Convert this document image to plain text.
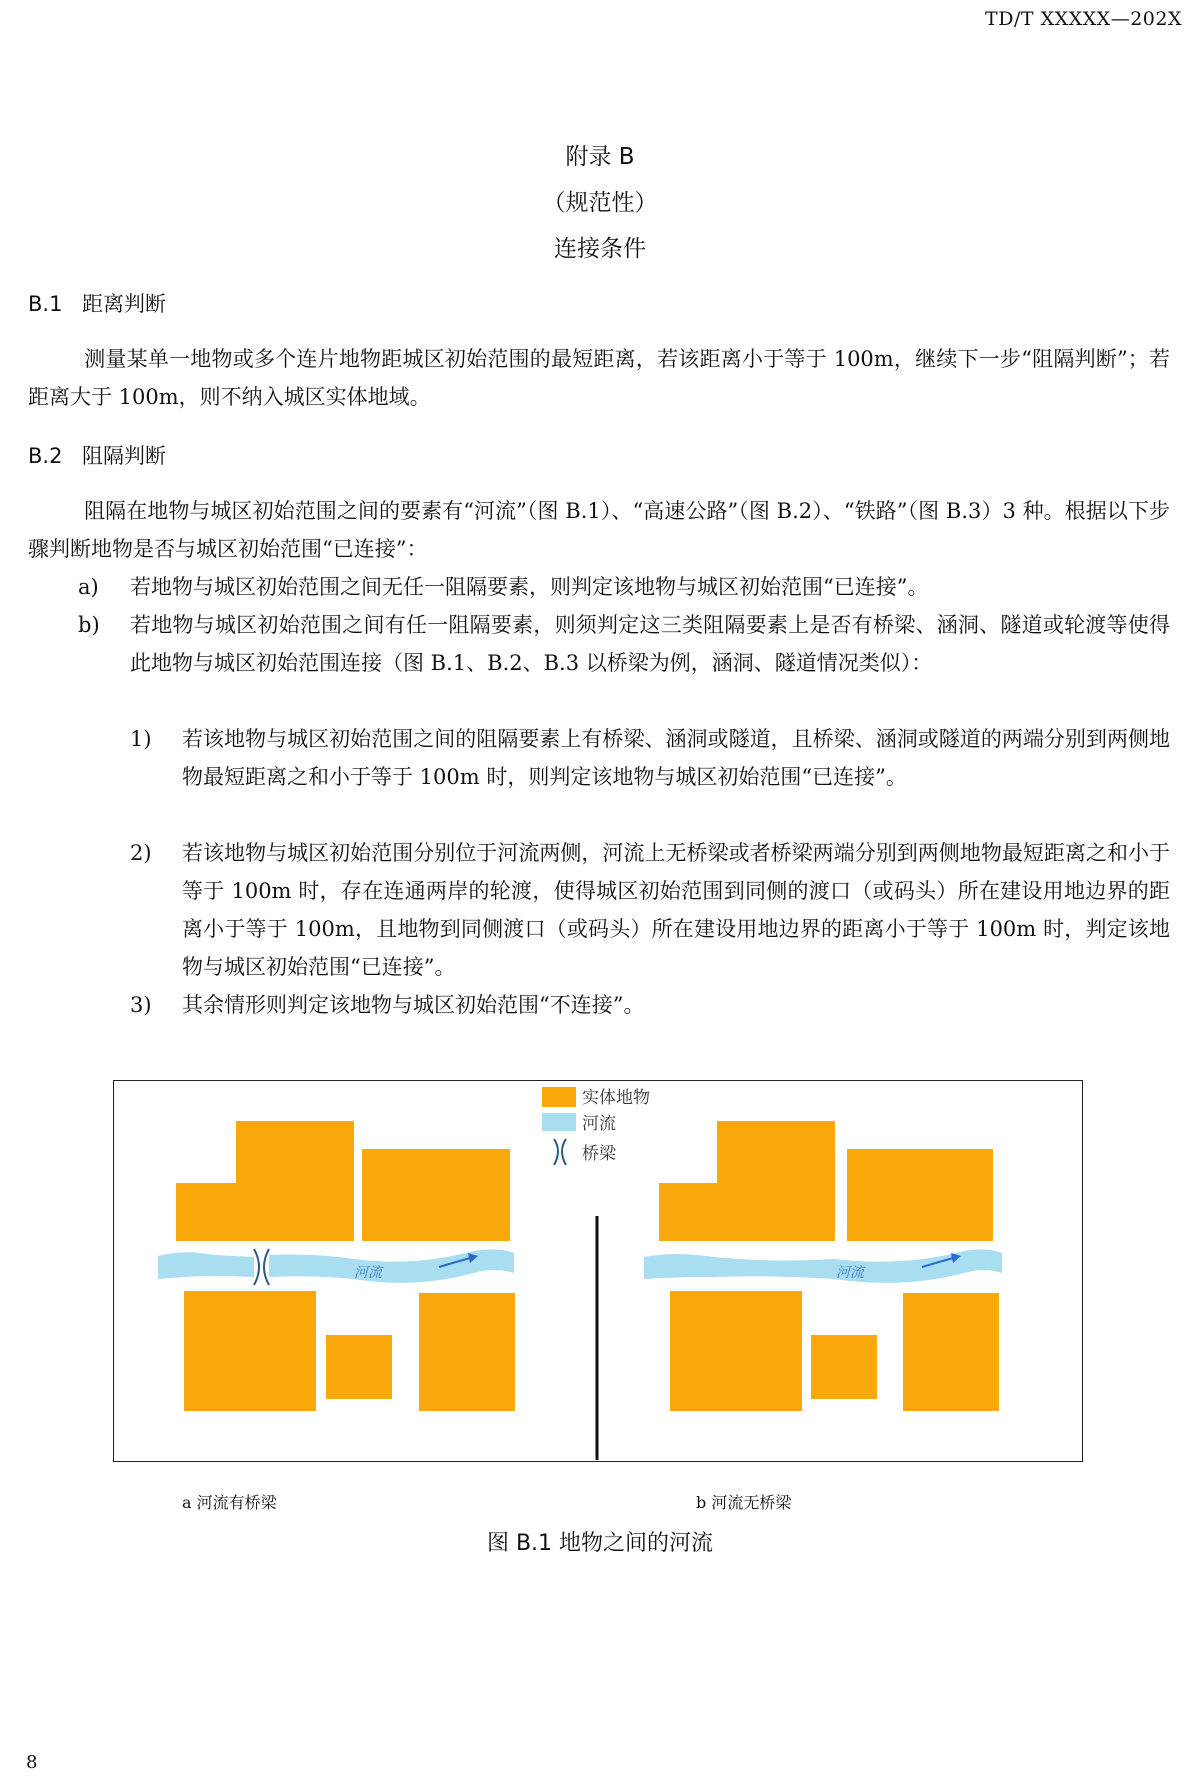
TD/T XXXXX—202X
附录 B
（规范性）
连接条件
B.1 距离判断
测量某单一地物或多个连片地物距城区初始范围的最短距离，若该距离小于等于 100m，继续下一步“阻隔判断”；若距离大于 100m，则不纳入城区实体地域。
B.2 阻隔判断
阻隔在地物与城区初始范围之间的要素有“河流”（图 B.1）、“高速公路”（图 B.2）、“铁路”（图 B.3）3 种。根据以下步骤判断地物是否与城区初始范围“已连接”：
a) 若地物与城区初始范围之间无任一阻隔要素，则判定该地物与城区初始范围“已连接”。
b) 若地物与城区初始范围之间有任一阻隔要素，则须判定这三类阻隔要素上是否有桥梁、涵洞、隧道或轮渡等使得此地物与城区初始范围连接（图 B.1、B.2、B.3 以桥梁为例，涵洞、隧道情况类似）：
1) 若该地物与城区初始范围之间的阻隔要素上有桥梁、涵洞或隧道，且桥梁、涵洞或隧道的两端分别到两侧地物最短距离之和小于等于 100m 时，则判定该地物与城区初始范围“已连接”。
2) 若该地物与城区初始范围分别位于河流两侧，河流上无桥梁或者桥梁两端分别到两侧地物最短距离之和小于等于 100m 时，存在连通两岸的轮渡，使得城区初始范围到同侧的渡口（或码头）所在建设用地边界的距离小于等于 100m，且地物到同侧渡口（或码头）所在建设用地边界的距离小于等于 100m 时，判定该地物与城区初始范围“已连接”。
3) 其余情形则判定该地物与城区初始范围“不连接”。
实体地物
河流
桥梁
河流	河流
a 河流有桥梁	b 河流无桥梁
图 B.1 地物之间的河流
8
